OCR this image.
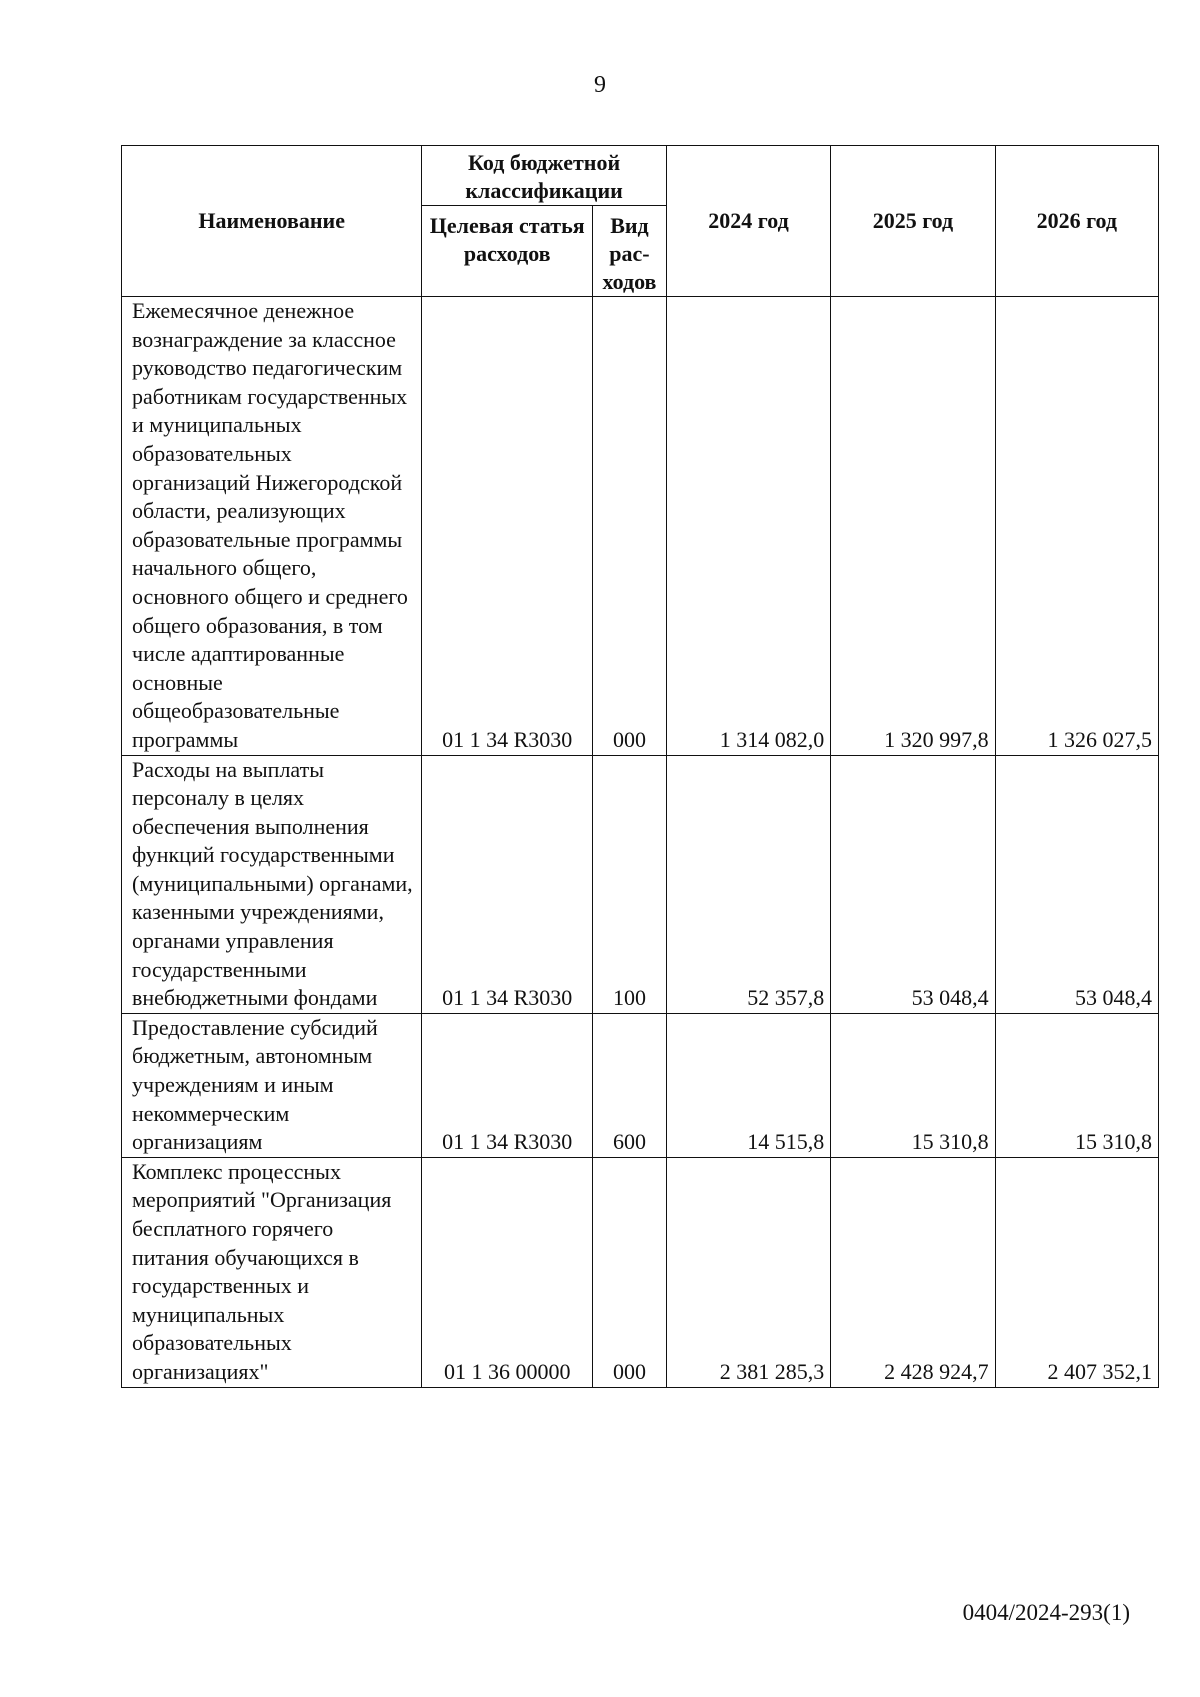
9
Наименование	Код бюджетной классификации		2024 год	2025 год	2026 год
	Целевая статья расходов	Вид рас-ходов			
Ежемесячное денежное вознаграждение за классное руководство педагогическим работникам государственных и муниципальных образовательных организаций Нижегородской области, реализующих образовательные программы начального общего, основного общего и среднего общего образования, в том числе адаптированные основные общеобразовательные программы	01 1 34 R3030	000	1 314 082,0	1 320 997,8	1 326 027,5
Расходы на выплаты персоналу в целях обеспечения выполнения функций государственными (муниципальными) органами, казенными учреждениями, органами управления государственными внебюджетными фондами	01 1 34 R3030	100	52 357,8	53 048,4	53 048,4
Предоставление субсидий бюджетным, автономным учреждениям и иным некоммерческим организациям	01 1 34 R3030	600	14 515,8	15 310,8	15 310,8
Комплекс процессных мероприятий "Организация бесплатного горячего питания обучающихся в государственных и муниципальных образовательных организациях"	01 1 36 00000	000	2 381 285,3	2 428 924,7	2 407 352,1
0404/2024-293(1)
